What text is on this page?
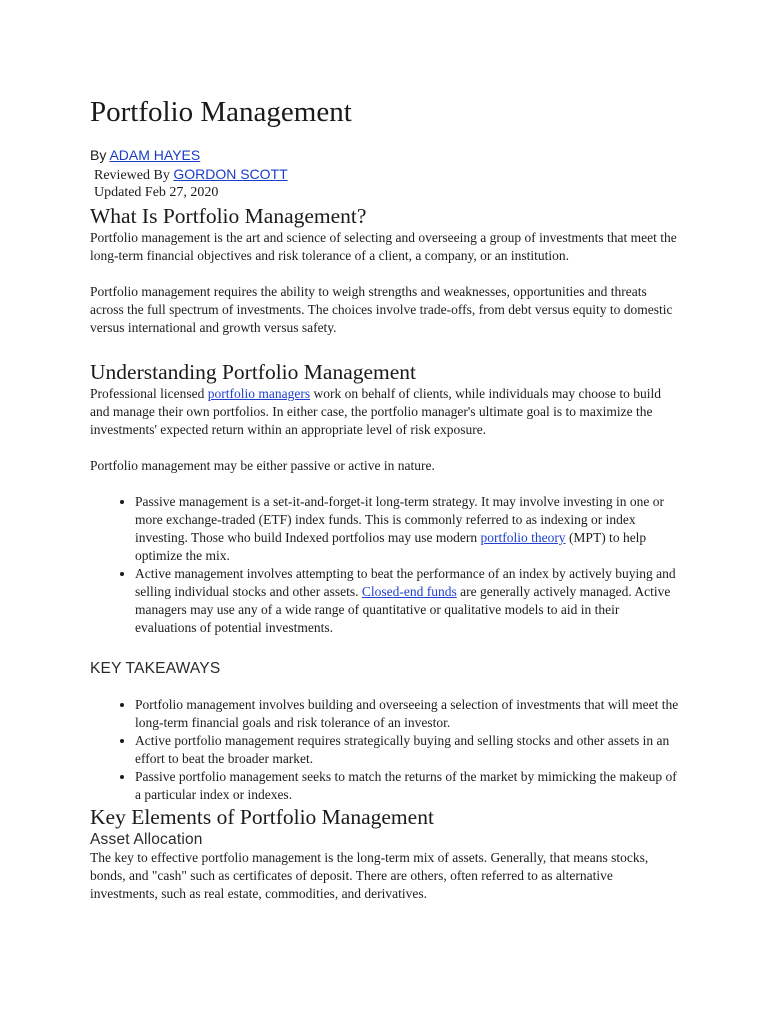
Portfolio Management
By ADAM HAYES
Reviewed By GORDON SCOTT
Updated Feb 27, 2020
What Is Portfolio Management?

Portfolio management is the art and science of selecting and overseeing a group of investments that meet the long-term financial objectives and risk tolerance of a client, a company, or an institution.

Portfolio management requires the ability to weigh strengths and weaknesses, opportunities and threats across the full spectrum of investments. The choices involve trade-offs, from debt versus equity to domestic versus international and growth versus safety.

Understanding Portfolio Management

Professional licensed portfolio managers work on behalf of clients, while individuals may choose to build and manage their own portfolios. In either case, the portfolio manager's ultimate goal is to maximize the investments' expected return within an appropriate level of risk exposure.

Portfolio management may be either passive or active in nature.

• Passive management is a set-it-and-forget-it long-term strategy. It may involve investing in one or more exchange-traded (ETF) index funds. This is commonly referred to as indexing or index investing. Those who build Indexed portfolios may use modern portfolio theory (MPT) to help optimize the mix.
• Active management involves attempting to beat the performance of an index by actively buying and selling individual stocks and other assets. Closed-end funds are generally actively managed. Active managers may use any of a wide range of quantitative or qualitative models to aid in their evaluations of potential investments.
KEY TAKEAWAYS
• Portfolio management involves building and overseeing a selection of investments that will meet the long-term financial goals and risk tolerance of an investor.
• Active portfolio management requires strategically buying and selling stocks and other assets in an effort to beat the broader market.
• Passive portfolio management seeks to match the returns of the market by mimicking the makeup of a particular index or indexes.
Key Elements of Portfolio Management
Asset Allocation

The key to effective portfolio management is the long-term mix of assets. Generally, that means stocks, bonds, and "cash" such as certificates of deposit. There are others, often referred to as alternative investments, such as real estate, commodities, and derivatives.
